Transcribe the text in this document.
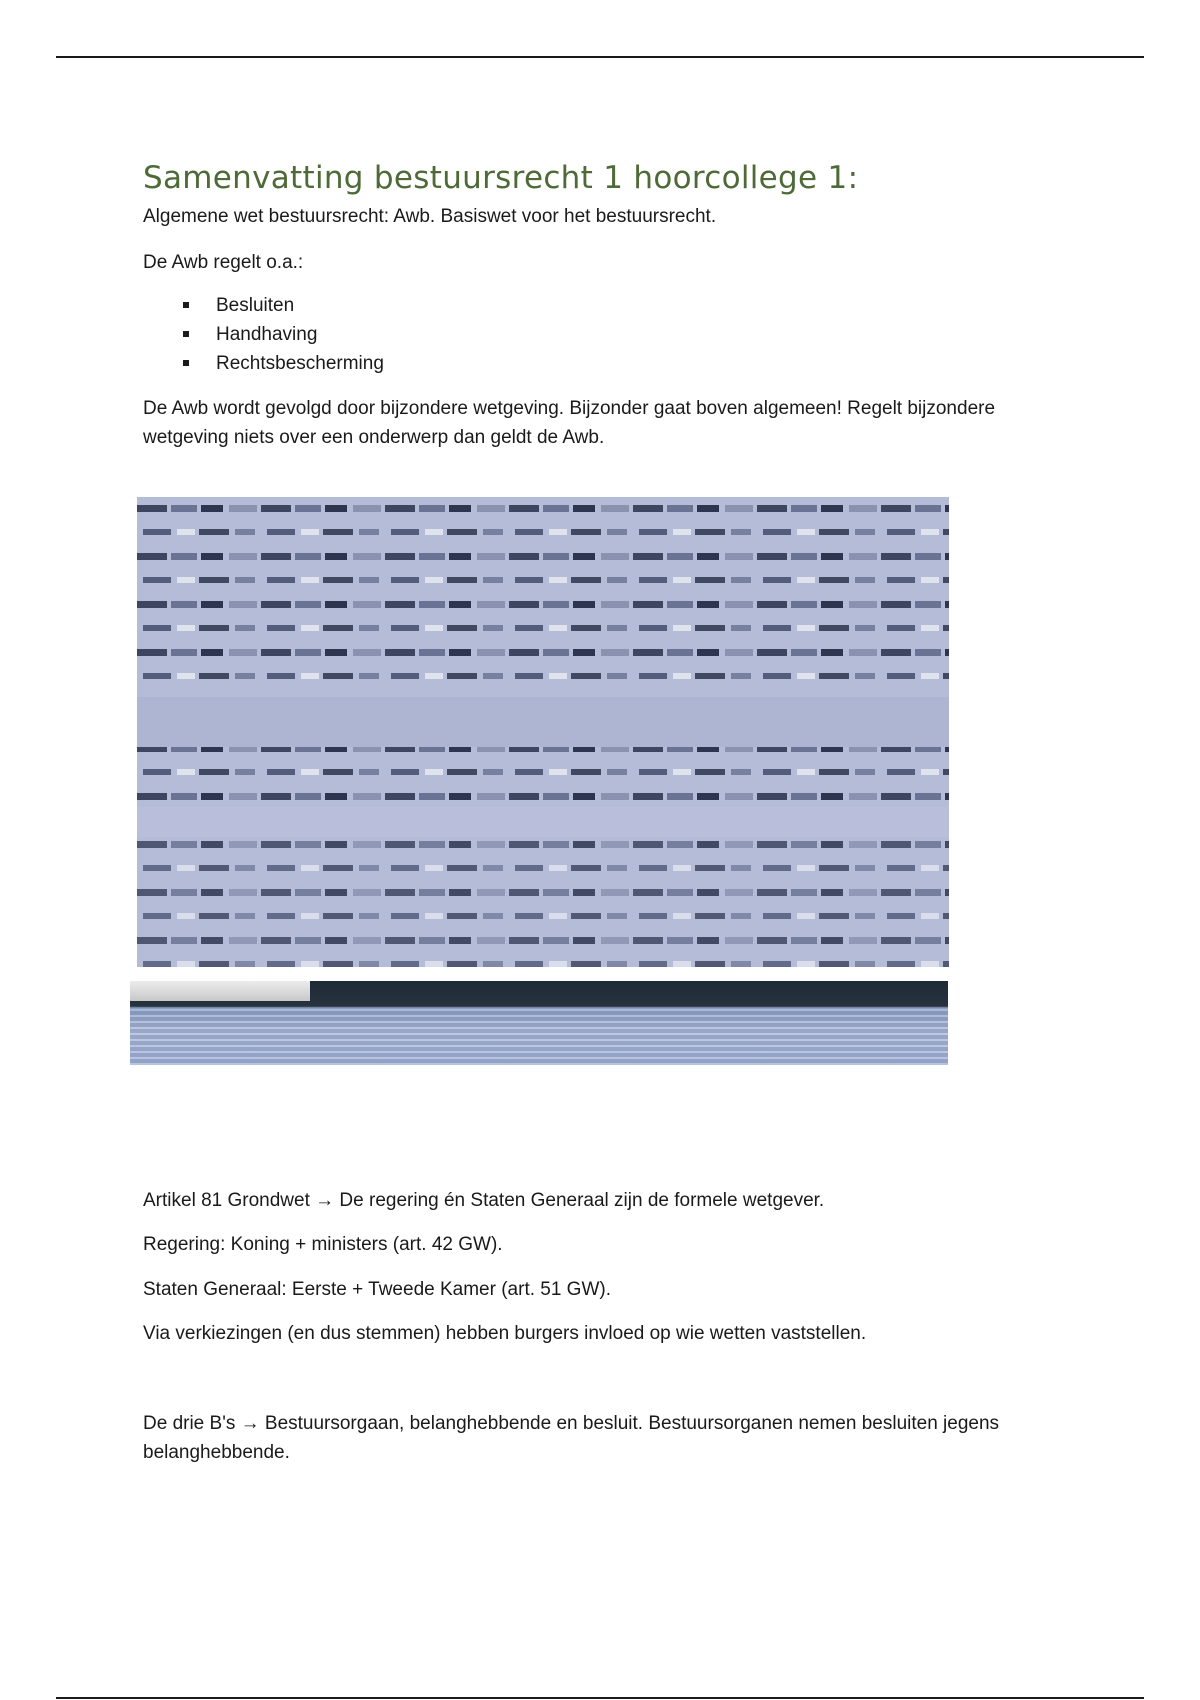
Samenvatting bestuursrecht 1 hoorcollege 1:

Algemene wet bestuursrecht: Awb. Basiswet voor het bestuursrecht.

De Awb regelt o.a.:

Besluiten
Handhaving
Rechtsbescherming

De Awb wordt gevolgd door bijzondere wetgeving. Bijzonder gaat boven algemeen! Regelt bijzondere wetgeving niets over een onderwerp dan geldt de Awb.

Artikel 81 Grondwet → De regering én Staten Generaal zijn de formele wetgever.

Regering: Koning + ministers (art. 42 GW).

Staten Generaal: Eerste + Tweede Kamer (art. 51 GW).

Via verkiezingen (en dus stemmen) hebben burgers invloed op wie wetten vaststellen.

De drie B's → Bestuursorgaan, belanghebbende en besluit. Bestuursorganen nemen besluiten jegens belanghebbende.
